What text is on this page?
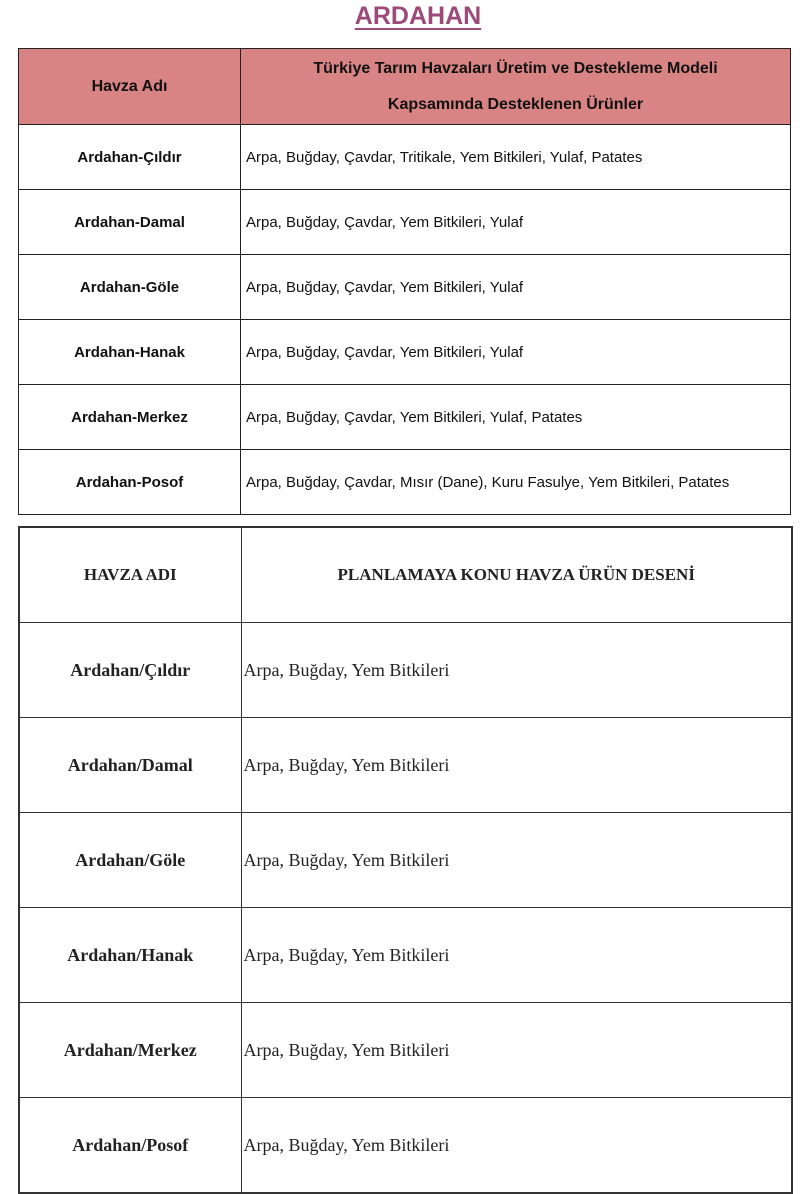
ARDAHAN
Havza Adı	Türkiye Tarım Havzaları Üretim ve Destekleme Modeli
Kapsamında Desteklenen Ürünler

Ardahan-Çıldır	Arpa, Buğday, Çavdar, Tritikale, Yem Bitkileri, Yulaf, Patates
Ardahan-Damal	Arpa, Buğday, Çavdar, Yem Bitkileri, Yulaf
Ardahan-Göle	Arpa, Buğday, Çavdar, Yem Bitkileri, Yulaf
Ardahan-Hanak	Arpa, Buğday, Çavdar, Yem Bitkileri, Yulaf
Ardahan-Merkez	Arpa, Buğday, Çavdar, Yem Bitkileri, Yulaf, Patates
Ardahan-Posof	Arpa, Buğday, Çavdar, Mısır (Dane), Kuru Fasulye, Yem Bitkileri, Patates
HAVZA ADI	PLANLAMAYA KONU HAVZA ÜRÜN DESENİ
Ardahan/Çıldır	Arpa, Buğday, Yem Bitkileri
Ardahan/Damal	Arpa, Buğday, Yem Bitkileri
Ardahan/Göle	Arpa, Buğday, Yem Bitkileri
Ardahan/Hanak	Arpa, Buğday, Yem Bitkileri
Ardahan/Merkez	Arpa, Buğday, Yem Bitkileri
Ardahan/Posof	Arpa, Buğday, Yem Bitkileri
